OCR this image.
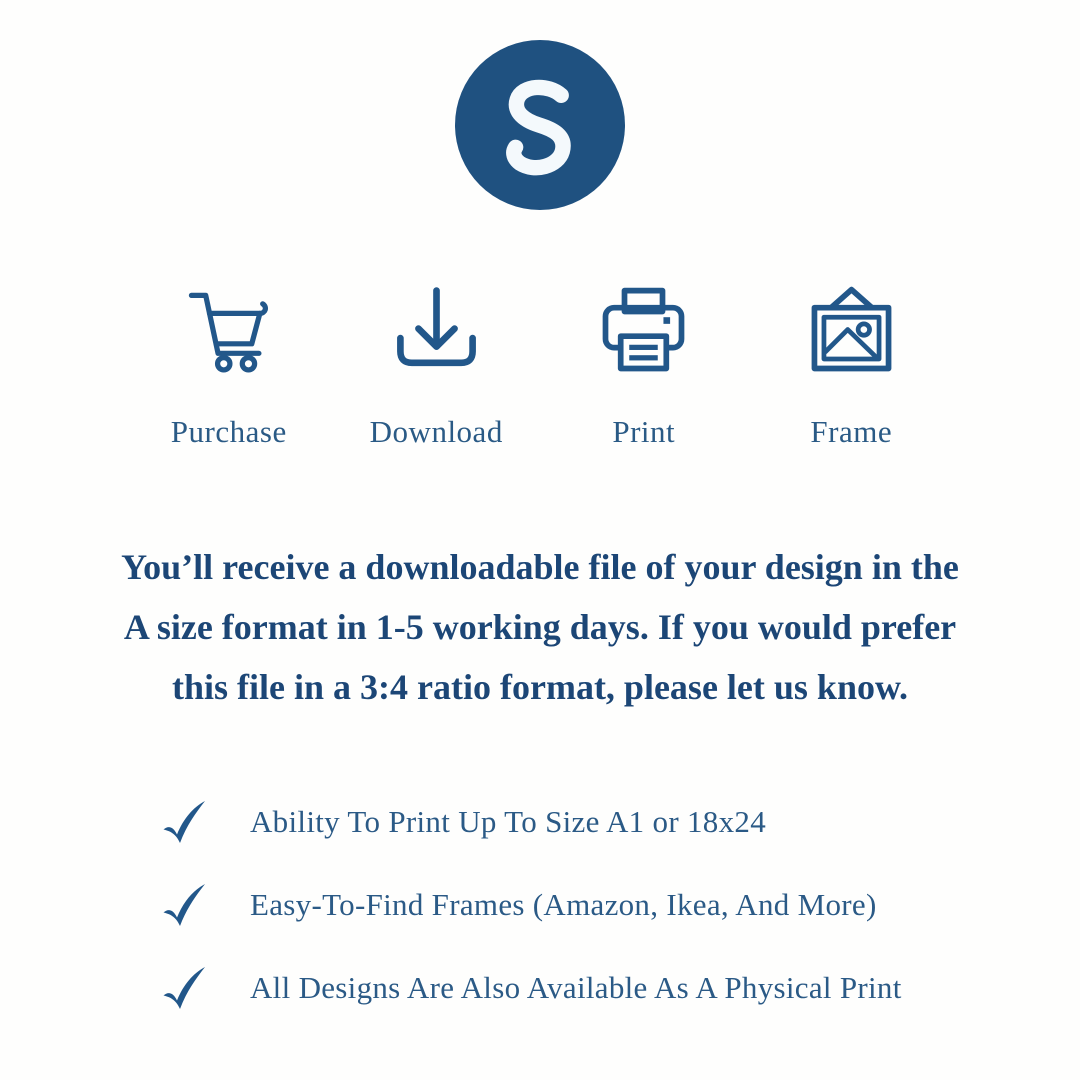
Purchase	Download	Print	Frame
You’ll receive a downloadable file of your design in the
A size format in 1-5 working days. If you would prefer
this file in a 3:4 ratio format, please let us know.
Ability To Print Up To Size A1 or 18x24
Easy-To-Find Frames (Amazon, Ikea, And More)
All Designs Are Also Available As A Physical Print
